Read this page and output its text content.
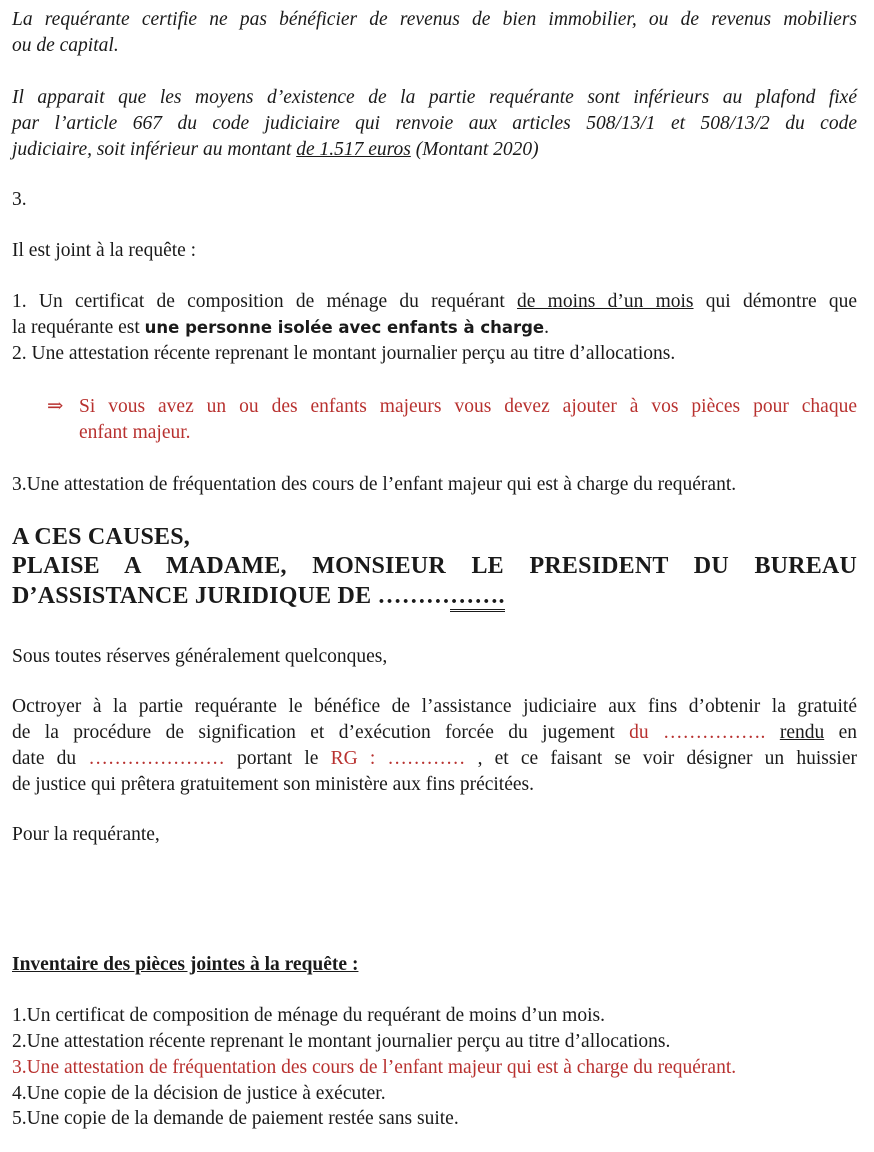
La requérante certifie ne pas bénéficier de revenus de bien immobilier, ou de revenus mobiliers
ou de capital.
Il apparait que les moyens d’existence de la partie requérante sont inférieurs au plafond fixé
par l’article 667 du code judiciaire qui renvoie aux articles 508/13/1 et 508/13/2 du code
judiciaire, soit inférieur au montant de 1.517 euros (Montant 2020)
3.
Il est joint à la requête :
1. Un certificat de composition de ménage du requérant de moins d’un mois qui démontre que
la requérante est une personne isolée avec enfants à charge.
2. Une attestation récente reprenant le montant journalier perçu au titre d’allocations.
⇒ Si vous avez un ou des enfants majeurs vous devez ajouter à vos pièces pour chaque
enfant majeur.
3.Une attestation de fréquentation des cours de l’enfant majeur qui est à charge du requérant.
A CES CAUSES,
PLAISE A MADAME, MONSIEUR LE PRESIDENT DU BUREAU
D’ASSISTANCE JURIDIQUE DE …………….
Sous toutes réserves généralement quelconques,
Octroyer à la partie requérante le bénéfice de l’assistance judiciaire aux fins d’obtenir la gratuité
de la procédure de signification et d’exécution forcée du jugement du ……………. rendu en
date du ………………… portant le RG : ………… , et ce faisant se voir désigner un huissier
de justice qui prêtera gratuitement son ministère aux fins précitées.
Pour la requérante,
Inventaire des pièces jointes à la requête :
1.Un certificat de composition de ménage du requérant de moins d’un mois.
2.Une attestation récente reprenant le montant journalier perçu au titre d’allocations.
3.Une attestation de fréquentation des cours de l’enfant majeur qui est à charge du requérant.
4.Une copie de la décision de justice à exécuter.
5.Une copie de la demande de paiement restée sans suite.
